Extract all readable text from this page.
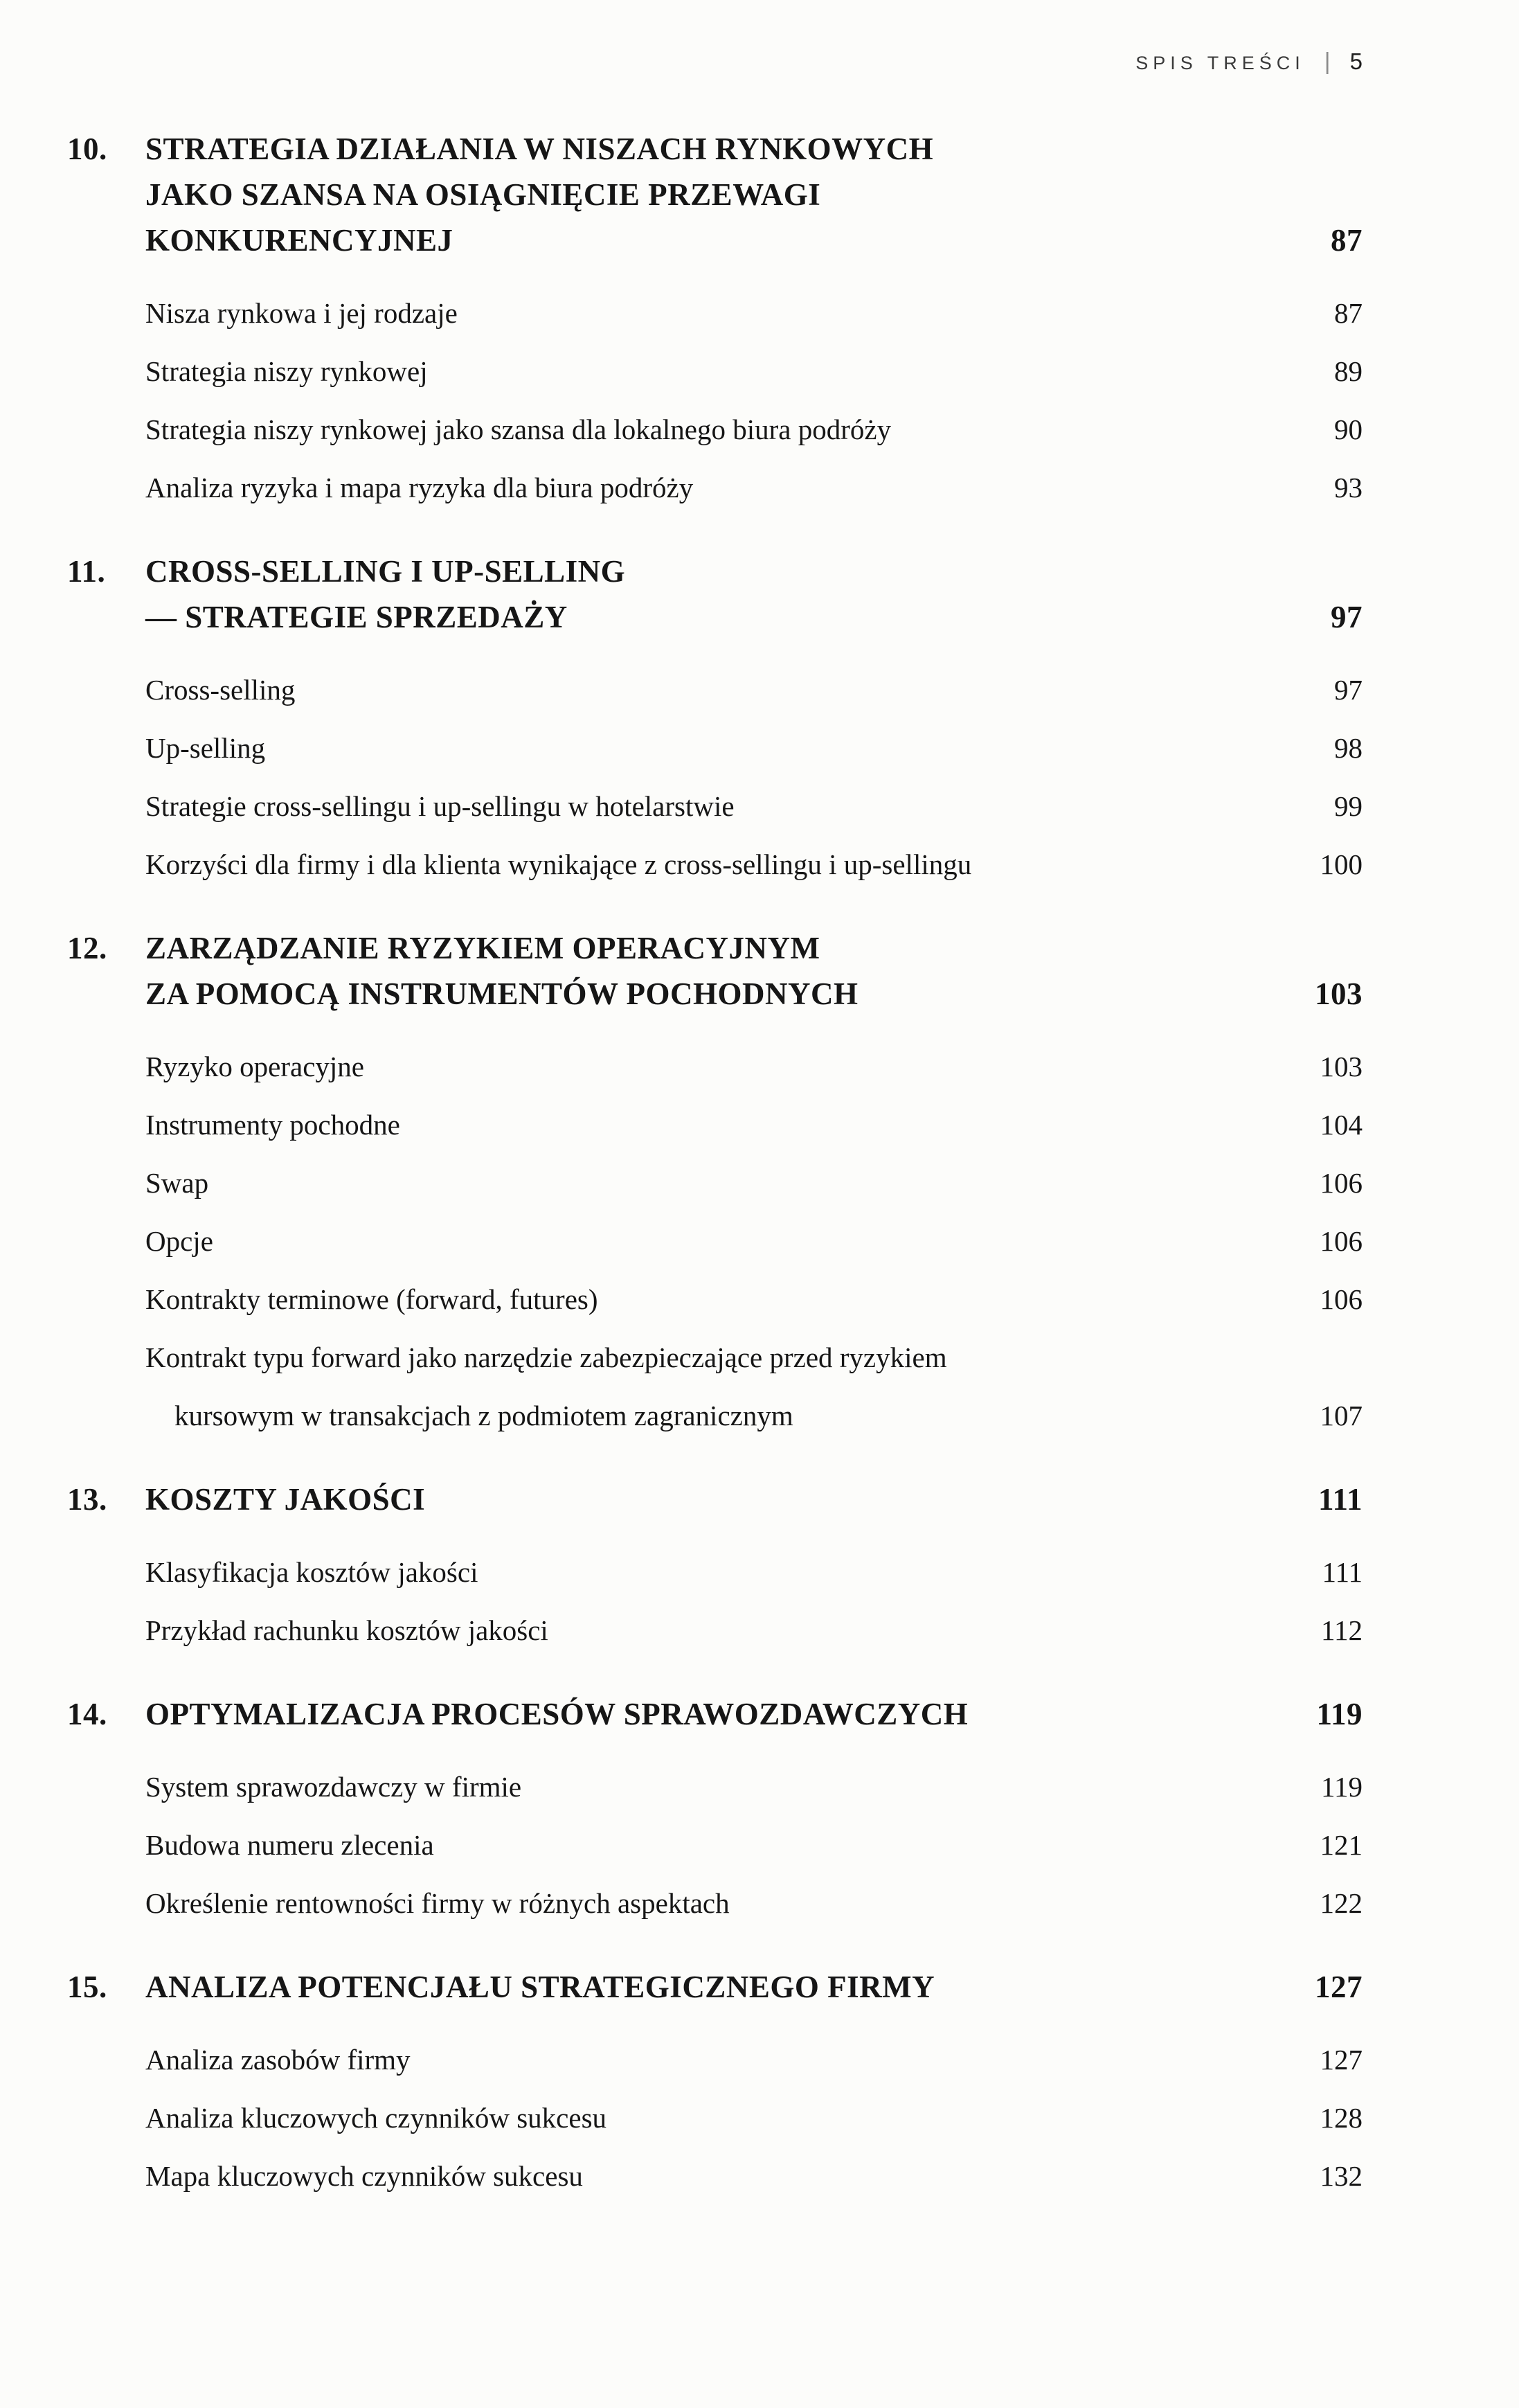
SPIS TREŚCI | 5
10.	STRATEGIA DZIAŁANIA W NISZACH RYNKOWYCH
JAKO SZANSA NA OSIĄGNIĘCIE PRZEWAGI
KONKURENCYJNEJ	87
Nisza rynkowa i jej rodzaje	87
Strategia niszy rynkowej	89
Strategia niszy rynkowej jako szansa dla lokalnego biura podróży	90
Analiza ryzyka i mapa ryzyka dla biura podróży	93
11.	CROSS-SELLING I UP-SELLING
— STRATEGIE SPRZEDAŻY	97
Cross-selling	97
Up-selling	98
Strategie cross-sellingu i up-sellingu w hotelarstwie	99
Korzyści dla firmy i dla klienta wynikające z cross-sellingu i up-sellingu	100
12.	ZARZĄDZANIE RYZYKIEM OPERACYJNYM
ZA POMOCĄ INSTRUMENTÓW POCHODNYCH	103
Ryzyko operacyjne	103
Instrumenty pochodne	104
Swap	106
Opcje	106
Kontrakty terminowe (forward, futures)	106
Kontrakt typu forward jako narzędzie zabezpieczające przed ryzykiem
kursowym w transakcjach z podmiotem zagranicznym	107
13.	KOSZTY JAKOŚCI	111
Klasyfikacja kosztów jakości	111
Przykład rachunku kosztów jakości	112
14.	OPTYMALIZACJA PROCESÓW SPRAWOZDAWCZYCH	119
System sprawozdawczy w firmie	119
Budowa numeru zlecenia	121
Określenie rentowności firmy w różnych aspektach	122
15.	ANALIZA POTENCJAŁU STRATEGICZNEGO FIRMY	127
Analiza zasobów firmy	127
Analiza kluczowych czynników sukcesu	128
Mapa kluczowych czynników sukcesu	132
